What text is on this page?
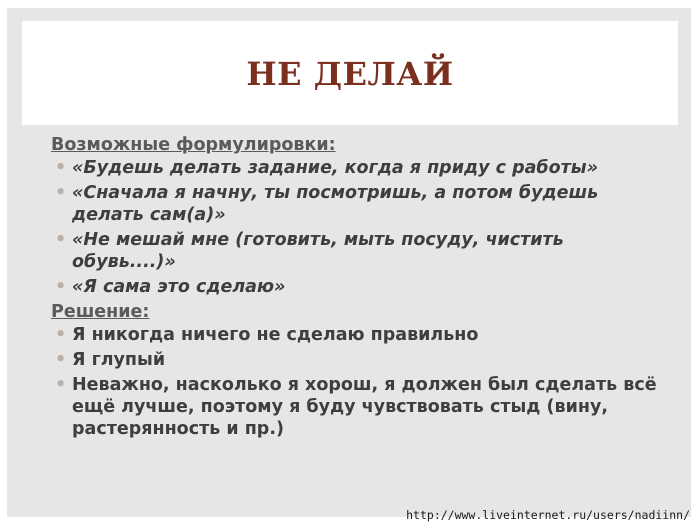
НЕ ДЕЛАЙ
Возможные формулировки:
• «Будешь делать задание, когда я приду с работы»
• «Сначала я начну, ты посмотришь, а потом будешь делать сам(а)»
• «Не мешай мне (готовить, мыть посуду, чистить обувь....)»
• «Я сама это сделаю»
Решение:
• Я никогда ничего не сделаю правильно
• Я глупый
• Неважно, насколько я хорош, я должен был сделать всё ещё лучше, поэтому я буду чувствовать стыд (вину, растерянность и пр.)
http://www.liveinternet.ru/users/nadiinn/
